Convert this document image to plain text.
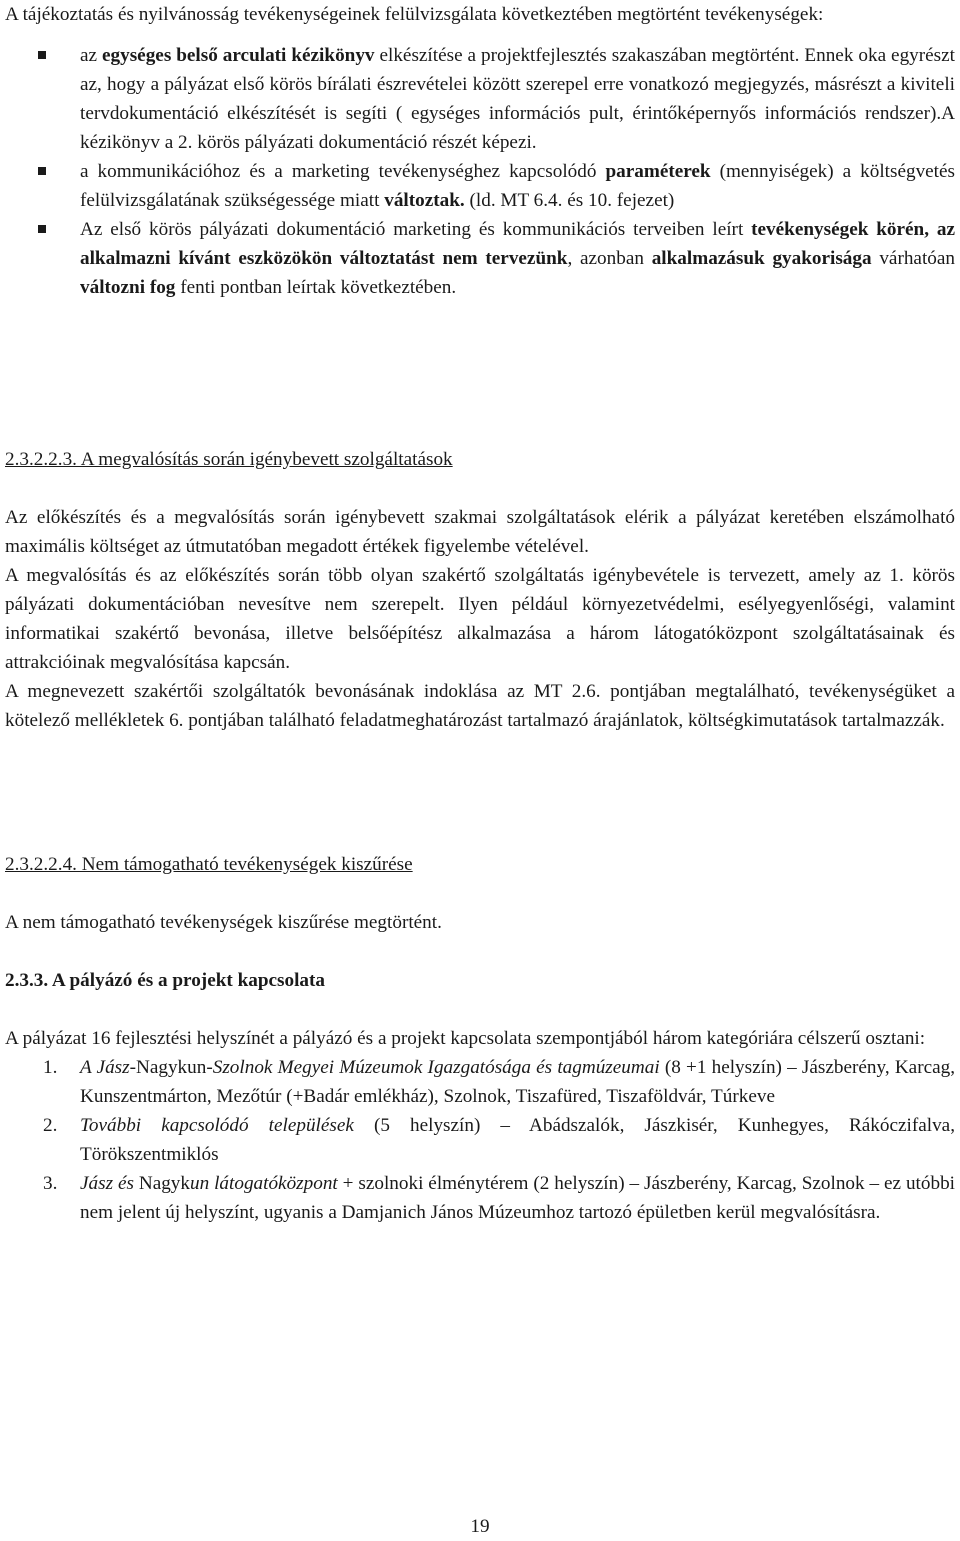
A tájékoztatás és nyilvánosság tevékenységeinek felülvizsgálata következtében megtörtént tevékenységek:

az egységes belső arculati kézikönyv elkészítése a projektfejlesztés szakaszában megtörtént. Ennek oka egyrészt az, hogy a pályázat első körös bírálati észrevételei között szerepel erre vonatkozó megjegyzés, másrészt a kiviteli tervdokumentáció elkészítését is segíti ( egységes információs pult, érintőképernyős információs rendszer).A kézikönyv a 2. körös pályázati dokumentáció részét képezi.
a kommunikációhoz és a marketing tevékenységhez kapcsolódó paraméterek (mennyiségek) a költségvetés felülvizsgálatának szükségessége miatt változtak. (ld. MT 6.4. és 10. fejezet)
Az első körös pályázati dokumentáció marketing és kommunikációs terveiben leírt tevékenységek körén, az alkalmazni kívánt eszközökön változtatást nem tervezünk, azonban alkalmazásuk gyakorisága várhatóan változni fog fenti pontban leírtak következtében.

2.3.2.2.3. A megvalósítás során igénybevett szolgáltatások

Az előkészítés és a megvalósítás során igénybevett szakmai szolgáltatások elérik a pályázat keretében elszámolható maximális költséget az útmutatóban megadott értékek figyelembe vételével.

A megvalósítás és az előkészítés során több olyan szakértő szolgáltatás igénybevétele is tervezett, amely az 1. körös pályázati dokumentációban nevesítve nem szerepelt. Ilyen például környezetvédelmi, esélyegyenlőségi, valamint informatikai szakértő bevonása, illetve belsőépítész alkalmazása a három látogatóközpont szolgáltatásainak és attrakcióinak megvalósítása kapcsán.

A megnevezett szakértői szolgáltatók bevonásának indoklása az MT 2.6. pontjában megtalálható, tevékenységüket a kötelező mellékletek 6. pontjában található feladatmeghatározást tartalmazó árajánlatok, költségkimutatások tartalmazzák.

2.3.2.2.4. Nem támogatható tevékenységek kiszűrése

A nem támogatható tevékenységek kiszűrése megtörtént.

2.3.3. A pályázó és a projekt kapcsolata

A pályázat 16 fejlesztési helyszínét a pályázó és a projekt kapcsolata szempontjából három kategóriára célszerű osztani:

1. A Jász-Nagykun-Szolnok Megyei Múzeumok Igazgatósága és tagmúzeumai (8 +1 helyszín) – Jászberény, Karcag, Kunszentmárton, Mezőtúr (+Badár emlékház), Szolnok, Tiszafüred, Tiszaföldvár, Túrkeve
2. További kapcsolódó települések (5 helyszín) – Abádszalók, Jászkisér, Kunhegyes, Rákóczifalva, Törökszentmiklós
3. Jász és Nagykun látogatóközpont + szolnoki élménytérem (2 helyszín) – Jászberény, Karcag, Szolnok – ez utóbbi nem jelent új helyszínt, ugyanis a Damjanich János Múzeumhoz tartozó épületben kerül megvalósításra.
19
